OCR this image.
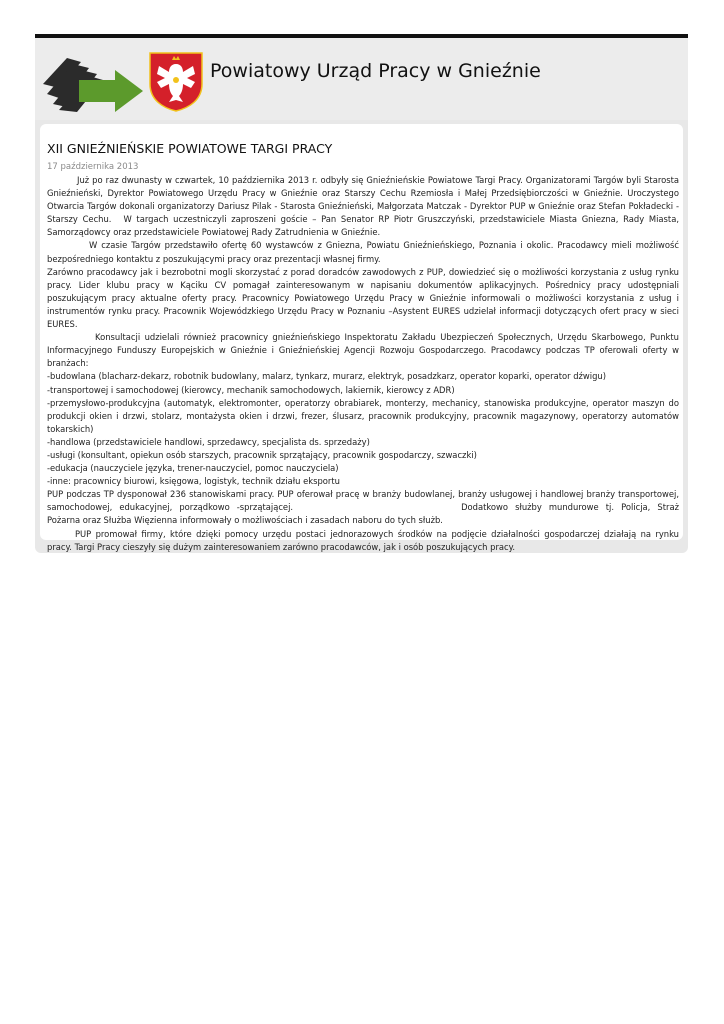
Powiatowy Urząd Pracy w Gnieźnie
XII GNIEŹNIEŃSKIE POWIATOWE TARGI PRACY
17 października 2013

Już po raz dwunasty w czwartek, 10 października 2013 r. odbyły się Gnieźnieńskie Powiatowe Targi Pracy. Organizatorami Targów byli Starosta Gnieźnieński, Dyrektor Powiatowego Urzędu Pracy w Gnieźnie oraz Starszy Cechu Rzemiosła i Małej Przedsiębiorczości w Gnieźnie. Uroczystego Otwarcia Targów dokonali organizatorzy Dariusz Pilak - Starosta Gnieźnieński, Małgorzata Matczak - Dyrektor PUP w Gnieźnie oraz Stefan Pokładecki - Starszy Cechu. W targach uczestniczyli zaproszeni goście – Pan Senator RP Piotr Gruszczyński, przedstawiciele Miasta Gniezna, Rady Miasta, Samorządowcy oraz przedstawiciele Powiatowej Rady Zatrudnienia w Gnieźnie.

W czasie Targów przedstawiło ofertę 60 wystawców z Gniezna, Powiatu Gnieźnieńskiego, Poznania i okolic. Pracodawcy mieli możliwość bezpośredniego kontaktu z poszukującymi pracy oraz prezentacji własnej firmy.

Zarówno pracodawcy jak i bezrobotni mogli skorzystać z porad doradców zawodowych z PUP, dowiedzieć się o możliwości korzystania z usług rynku pracy. Lider klubu pracy w Kąciku CV pomagał zainteresowanym w napisaniu dokumentów aplikacyjnych. Pośrednicy pracy udostępniali poszukującym pracy aktualne oferty pracy. Pracownicy Powiatowego Urzędu Pracy w Gnieźnie informowali o możliwości korzystania z usług i instrumentów rynku pracy. Pracownik Wojewódzkiego Urzędu Pracy w Poznaniu –Asystent EURES udzielał informacji dotyczących ofert pracy w sieci EURES.

Konsultacji udzielali również pracownicy gnieźnieńskiego Inspektoratu Zakładu Ubezpieczeń Społecznych, Urzędu Skarbowego, Punktu Informacyjnego Funduszy Europejskich w Gnieźnie i Gnieźnieńskiej Agencji Rozwoju Gospodarczego. Pracodawcy podczas TP oferowali oferty w branżach:

-budowlana (blacharz-dekarz, robotnik budowlany, malarz, tynkarz, murarz, elektryk, posadzkarz, operator koparki, operator dźwigu)

-transportowej i samochodowej (kierowcy, mechanik samochodowych, lakiernik, kierowcy z ADR)

-przemysłowo-produkcyjna (automatyk, elektromonter, operatorzy obrabiarek, monterzy, mechanicy, stanowiska produkcyjne, operator maszyn do produkcji okien i drzwi, stolarz, montażysta okien i drzwi, frezer, ślusarz, pracownik produkcyjny, pracownik magazynowy, operatorzy automatów tokarskich)

-handlowa (przedstawiciele handlowi, sprzedawcy, specjalista ds. sprzedaży)

-usługi (konsultant, opiekun osób starszych, pracownik sprzątający, pracownik gospodarczy, szwaczki)

-edukacja (nauczyciele języka, trener-nauczyciel, pomoc nauczyciela)

-inne: pracownicy biurowi, księgowa, logistyk, technik działu eksportu

PUP podczas TP dysponował 236 stanowiskami pracy. PUP oferował pracę w branży budowlanej, branży usługowej i handlowej branży transportowej, samochodowej, edukacyjnej, porządkowo -sprzątającej.	Dodatkowo służby mundurowe tj. Policja, Straż Pożarna oraz Służba Więzienna informowały o możliwościach i zasadach naboru do tych służb.

PUP promował firmy, które dzięki pomocy urzędu postaci jednorazowych środków na podjęcie działalności gospodarczej działają na rynku pracy. Targi Pracy cieszyły się dużym zainteresowaniem zarówno pracodawców, jak i osób poszukujących pracy.
